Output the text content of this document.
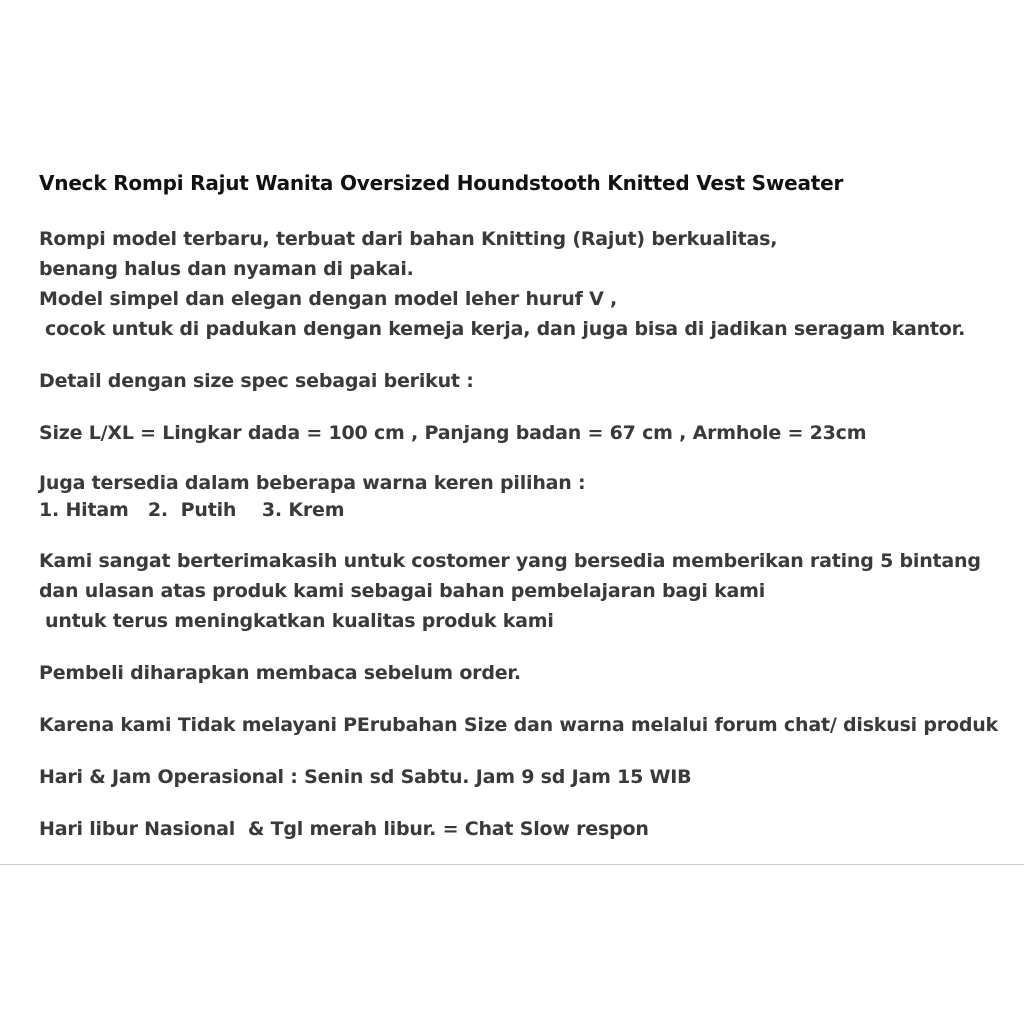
Vneck Rompi Rajut Wanita Oversized Houndstooth Knitted Vest Sweater
Rompi model terbaru, terbuat dari bahan Knitting (Rajut) berkualitas,
benang halus dan nyaman di pakai.
Model simpel dan elegan dengan model leher huruf V ,
cocok untuk di padukan dengan kemeja kerja, dan juga bisa di jadikan seragam kantor.
Detail dengan size spec sebagai berikut :
Size L/XL = Lingkar dada = 100 cm , Panjang badan = 67 cm , Armhole = 23cm
Juga tersedia dalam beberapa warna keren pilihan :
1. Hitam   2.  Putih    3. Krem
Kami sangat berterimakasih untuk costomer yang bersedia memberikan rating 5 bintang
dan ulasan atas produk kami sebagai bahan pembelajaran bagi kami
untuk terus meningkatkan kualitas produk kami
Pembeli diharapkan membaca sebelum order.
Karena kami Tidak melayani PErubahan Size dan warna melalui forum chat/ diskusi produk
Hari & Jam Operasional : Senin sd Sabtu. Jam 9 sd Jam 15 WIB
Hari libur Nasional  & Tgl merah libur. = Chat Slow respon
